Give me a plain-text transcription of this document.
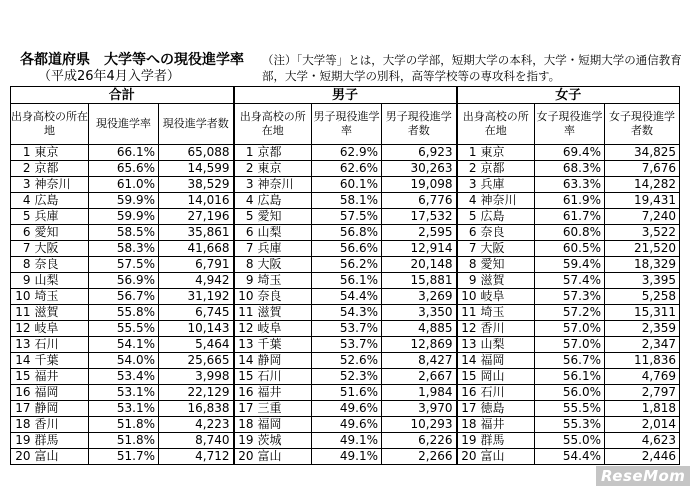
各都道府県　大学等への現役進学率
（平成26年4月入学者）
（注）「大学等」とは，大学の学部，短期大学の本科，大学・短期大学の通信教育
部，大学・短期大学の別科，高等学校等の専攻科を指す。
合計				男子				女子			
出身高校の所在地		現役進学率	現役進学者数	出身高校の所在地		男子現役進学率	男子現役進学者数	出身高校の所在地		女子現役進学率	女子現役進学者数
1	東京	66.1%	65,088	1	京都	62.9%	6,923	1	東京	69.4%	34,825
2	京都	65.6%	14,599	2	東京	62.6%	30,263	2	京都	68.3%	7,676
3	神奈川	61.0%	38,529	3	神奈川	60.1%	19,098	3	兵庫	63.3%	14,282
4	広島	59.9%	14,016	4	広島	58.1%	6,776	4	神奈川	61.9%	19,431
5	兵庫	59.9%	27,196	5	愛知	57.5%	17,532	5	広島	61.7%	7,240
6	愛知	58.5%	35,861	6	山梨	56.8%	2,595	6	奈良	60.8%	3,522
7	大阪	58.3%	41,668	7	兵庫	56.6%	12,914	7	大阪	60.5%	21,520
8	奈良	57.5%	6,791	8	大阪	56.2%	20,148	8	愛知	59.4%	18,329
9	山梨	56.9%	4,942	9	埼玉	56.1%	15,881	9	滋賀	57.4%	3,395
10	埼玉	56.7%	31,192	10	奈良	54.4%	3,269	10	岐阜	57.3%	5,258
11	滋賀	55.8%	6,745	11	滋賀	54.3%	3,350	11	埼玉	57.2%	15,311
12	岐阜	55.5%	10,143	12	岐阜	53.7%	4,885	12	香川	57.0%	2,359
13	石川	54.1%	5,464	13	千葉	53.7%	12,869	13	山梨	57.0%	2,347
14	千葉	54.0%	25,665	14	静岡	52.6%	8,427	14	福岡	56.7%	11,836
15	福井	53.4%	3,998	15	石川	52.3%	2,667	15	岡山	56.1%	4,769
16	福岡	53.1%	22,129	16	福井	51.6%	1,984	16	石川	56.0%	2,797
17	静岡	53.1%	16,838	17	三重	49.6%	3,970	17	徳島	55.5%	1,818
18	香川	51.8%	4,223	18	福岡	49.6%	10,293	18	福井	55.3%	2,014
19	群馬	51.8%	8,740	19	茨城	49.1%	6,226	19	群馬	55.0%	4,623
20	富山	51.7%	4,712	20	富山	49.1%	2,266	20	富山	54.4%	2,446
ReseMom
